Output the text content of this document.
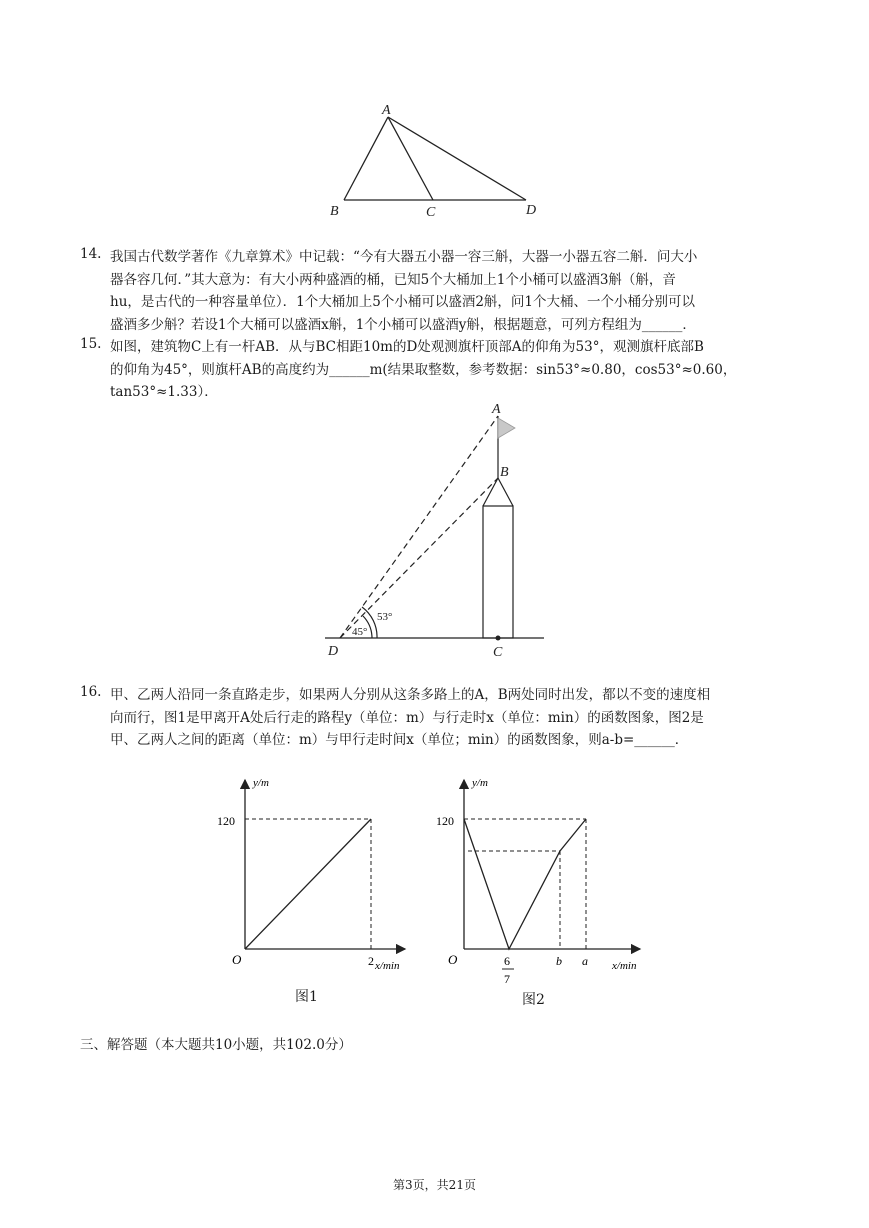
A
B	C	D
14. 我国古代数学著作《九章算术》中记载：“今有大器五小器一容三斛，大器一小器五容二斛．问大小
器各容几何．”其大意为：有大小两种盛酒的桶，已知5个大桶加上1个小桶可以盛酒3斛（斛，音
hu，是古代的一种容量单位）．1个大桶加上5个小桶可以盛酒2斛，问1个大桶、一个小桶分别可以
盛酒多少斛？若设1个大桶可以盛酒x斛，1个小桶可以盛酒y斛，根据题意，可列方程组为______．
15. 如图，建筑物C上有一杆AB．从与BC相距10m的D处观测旗杆顶部A的仰角为53°，观测旗杆底部B
的仰角为45°，则旗杆AB的高度约为______m(结果取整数，参考数据：sin53°≈0.80，cos53°≈0.60，
tan53°≈1.33）．
A
B
C
D
53°
45°
16. 甲、乙两人沿同一条直路走步，如果两人分别从这条多路上的A，B两处同时出发，都以不变的速度相
向而行，图1是甲离开A处后行走的路程y（单位：m）与行走时x（单位：min）的函数图象，图2是
甲、乙两人之间的距离（单位：m）与甲行走时间x（单位；min）的函数图象，则a-b=______．
y/m
x/min
O
120
2
图1
y/m
x/min
O
120
6
7
b a
图2
三、解答题（本大题共10小题，共102.0分）
第3页，共21页
